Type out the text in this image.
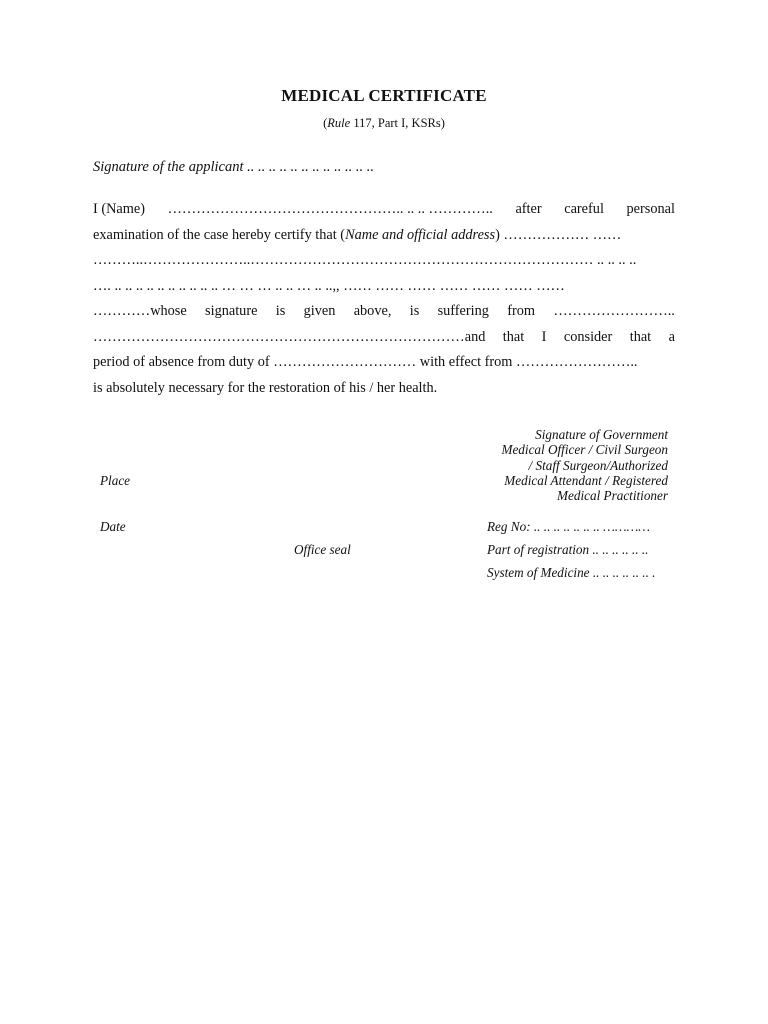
MEDICAL CERTIFICATE
(Rule 117, Part I, KSRs)
Signature of the applicant .. .. .. .. .. .. .. .. .. .. .. ..
I (Name) ………………………………………….. .. .. ………….. after careful personal
examination of the case hereby certify that (Name and official address) ……………… ……
………..…………………..……………………………………………………………… .. .. .. ..
…. .. .. .. .. .. .. .. .. .. .. … … … .. .. … .. ..,, …… …… …… …… …… …… ……
…………whose signature is given above, is suffering from ……………………..
……………………………………………………………………and that I consider that a
period of absence from duty of ………………………… with effect from ……………………..
is absolutely necessary for the restoration of his / her health.
Signature of Government
Medical Officer / Civil Surgeon
/ Staff Surgeon/Authorized
Medical Attendant / Registered
Medical Practitioner
Place
Date
Office seal
Reg No: .. .. .. .. .. .. .. …………
Part of registration .. .. .. .. .. ..
System of Medicine .. .. .. .. .. .. .
